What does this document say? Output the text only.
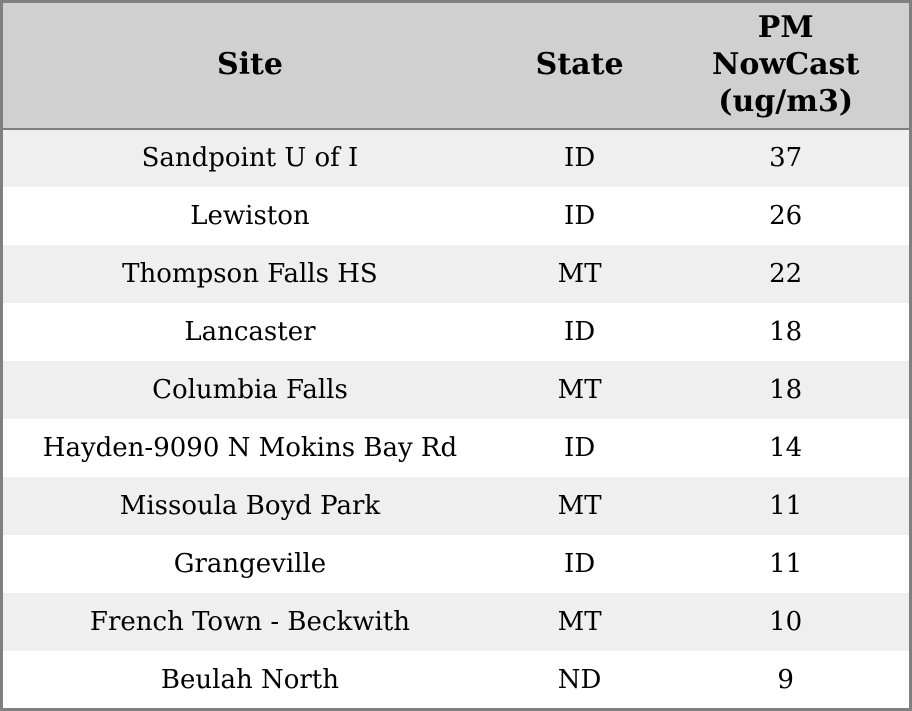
Site	State	PM NowCast (ug/m3)
Sandpoint U of I	ID	37
Lewiston	ID	26
Thompson Falls HS	MT	22
Lancaster	ID	18
Columbia Falls	MT	18
Hayden-9090 N Mokins Bay Rd	ID	14
Missoula Boyd Park	MT	11
Grangeville	ID	11
French Town - Beckwith	MT	10
Beulah North	ND	9
